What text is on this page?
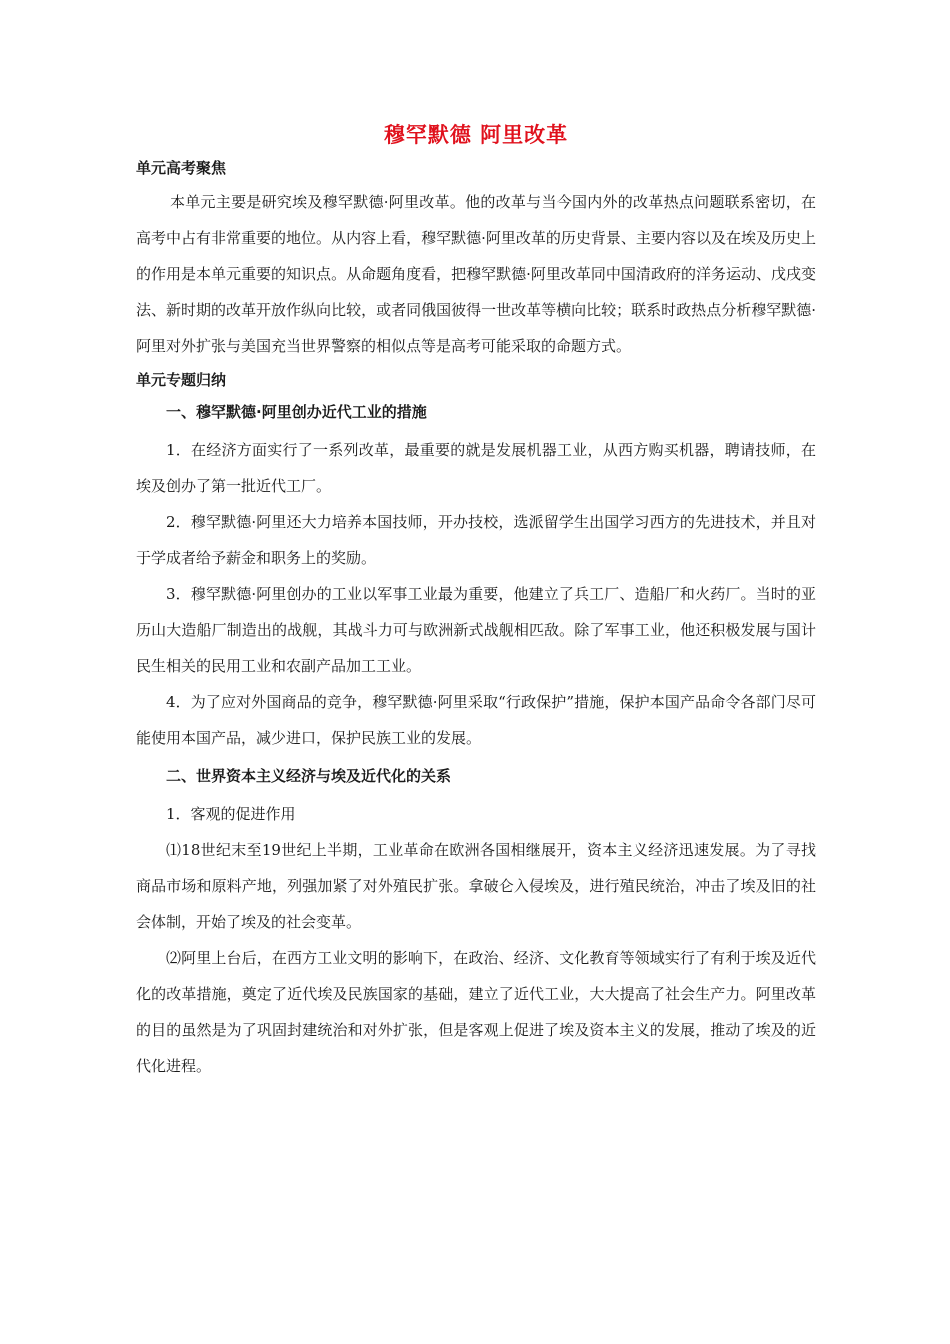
穆罕默德 阿里改革
单元高考聚焦

本单元主要是研究埃及穆罕默德·阿里改革。他的改革与当今国内外的改革热点问题联系密切，在高考中占有非常重要的地位。从内容上看，穆罕默德·阿里改革的历史背景、主要内容以及在埃及历史上的作用是本单元重要的知识点。从命题角度看，把穆罕默德·阿里改革同中国清政府的洋务运动、戊戌变法、新时期的改革开放作纵向比较，或者同俄国彼得一世改革等横向比较；联系时政热点分析穆罕默德·阿里对外扩张与美国充当世界警察的相似点等是高考可能采取的命题方式。

单元专题归纳
一、穆罕默德·阿里创办近代工业的措施

1．在经济方面实行了一系列改革，最重要的就是发展机器工业，从西方购买机器，聘请技师，在埃及创办了第一批近代工厂。

2．穆罕默德·阿里还大力培养本国技师，开办技校，选派留学生出国学习西方的先进技术，并且对于学成者给予薪金和职务上的奖励。

3．穆罕默德·阿里创办的工业以军事工业最为重要，他建立了兵工厂、造船厂和火药厂。当时的亚历山大造船厂制造出的战舰，其战斗力可与欧洲新式战舰相匹敌。除了军事工业，他还积极发展与国计民生相关的民用工业和农副产品加工工业。

4．为了应对外国商品的竞争，穆罕默德·阿里采取“行政保护”措施，保护本国产品命令各部门尽可能使用本国产品，减少进口，保护民族工业的发展。

二、世界资本主义经济与埃及近代化的关系

1．客观的促进作用

⑴18世纪末至19世纪上半期，工业革命在欧洲各国相继展开，资本主义经济迅速发展。为了寻找商品市场和原料产地，列强加紧了对外殖民扩张。拿破仑入侵埃及，进行殖民统治，冲击了埃及旧的社会体制，开始了埃及的社会变革。

⑵阿里上台后，在西方工业文明的影响下，在政治、经济、文化教育等领域实行了有利于埃及近代化的改革措施，奠定了近代埃及民族国家的基础，建立了近代工业，大大提高了社会生产力。阿里改革的目的虽然是为了巩固封建统治和对外扩张，但是客观上促进了埃及资本主义的发展，推动了埃及的近代化进程。
